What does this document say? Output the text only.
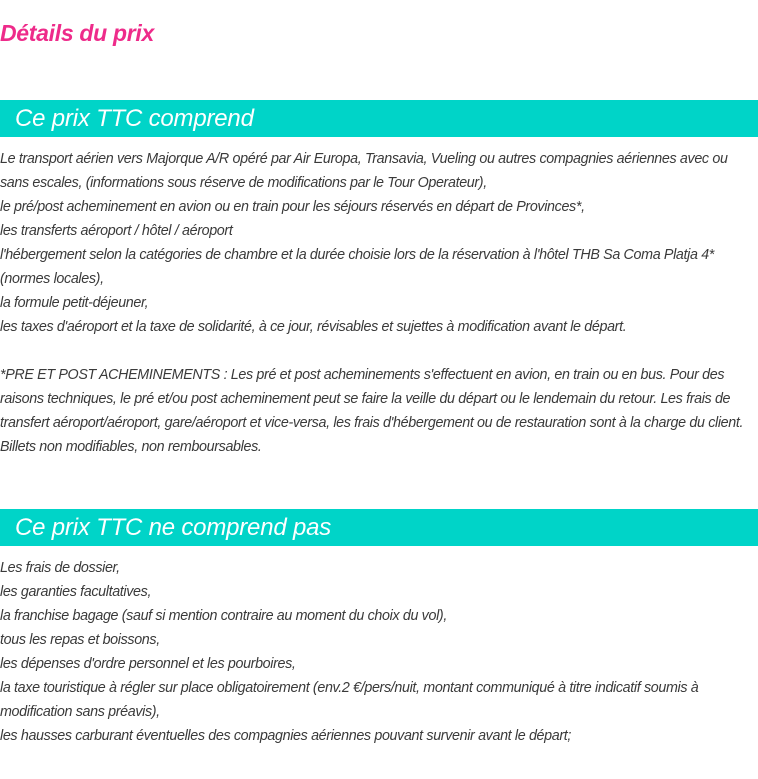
Détails du prix
Ce prix TTC comprend

Le transport aérien vers Majorque A/R opéré par Air Europa, Transavia, Vueling ou autres compagnies aériennes avec ou sans escales, (informations sous réserve de modifications par le Tour Operateur),

le pré/post acheminement en avion ou en train pour les séjours réservés en départ de Provinces*,

les transferts aéroport / hôtel / aéroport

l'hébergement selon la catégories de chambre et la durée choisie lors de la réservation à l'hôtel THB Sa Coma Platja 4* (normes locales),

la formule petit-déjeuner,

les taxes d'aéroport et la taxe de solidarité, à ce jour, révisables et sujettes à modification avant le départ.

*PRE ET POST ACHEMINEMENTS : Les pré et post acheminements s'effectuent en avion, en train ou en bus. Pour des raisons techniques, le pré et/ou post acheminement peut se faire la veille du départ ou le lendemain du retour. Les frais de transfert aéroport/aéroport, gare/aéroport et vice-versa, les frais d'hébergement ou de restauration sont à la charge du client. Billets non modifiables, non remboursables.

Ce prix TTC ne comprend pas

Les frais de dossier,

les garanties facultatives,

la franchise bagage (sauf si mention contraire au moment du choix du vol),

tous les repas et boissons,

les dépenses d'ordre personnel et les pourboires,

la taxe touristique à régler sur place obligatoirement (env.2 €/pers/nuit, montant communiqué à titre indicatif soumis à modification sans préavis),

les hausses carburant éventuelles des compagnies aériennes pouvant survenir avant le départ;
